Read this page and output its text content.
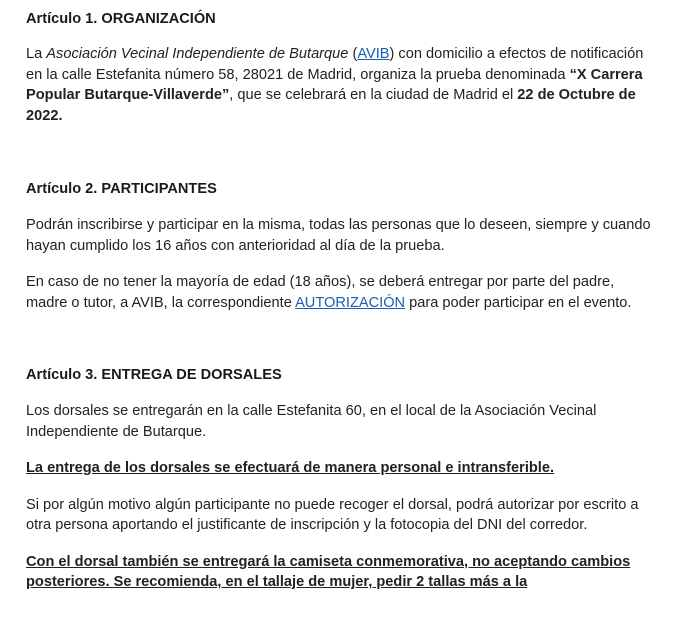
Artículo 1. ORGANIZACIÓN

La Asociación Vecinal Independiente de Butarque (AVIB) con domicilio a efectos de notificación en la calle Estefanita número 58, 28021 de Madrid, organiza la prueba denominada “X Carrera Popular Butarque-Villaverde”, que se celebrará en la ciudad de Madrid el 22 de Octubre de 2022.

Artículo 2. PARTICIPANTES

Podrán inscribirse y participar en la misma, todas las personas que lo deseen, siempre y cuando hayan cumplido los 16 años con anterioridad al día de la prueba.

En caso de no tener la mayoría de edad (18 años), se deberá entregar por parte del padre, madre o tutor, a AVIB, la correspondiente AUTORIZACIÓN para poder participar en el evento.

Artículo 3. ENTREGA DE DORSALES

Los dorsales se entregarán en la calle Estefanita 60, en el local de la Asociación Vecinal Independiente de Butarque.

La entrega de los dorsales se efectuará de manera personal e intransferible.

Si por algún motivo algún participante no puede recoger el dorsal, podrá autorizar por escrito a otra persona aportando el justificante de inscripción y la fotocopia del DNI del corredor.

Con el dorsal también se entregará la camiseta conmemorativa, no aceptando cambios posteriores. Se recomienda, en el tallaje de mujer, pedir 2 tallas más a la
